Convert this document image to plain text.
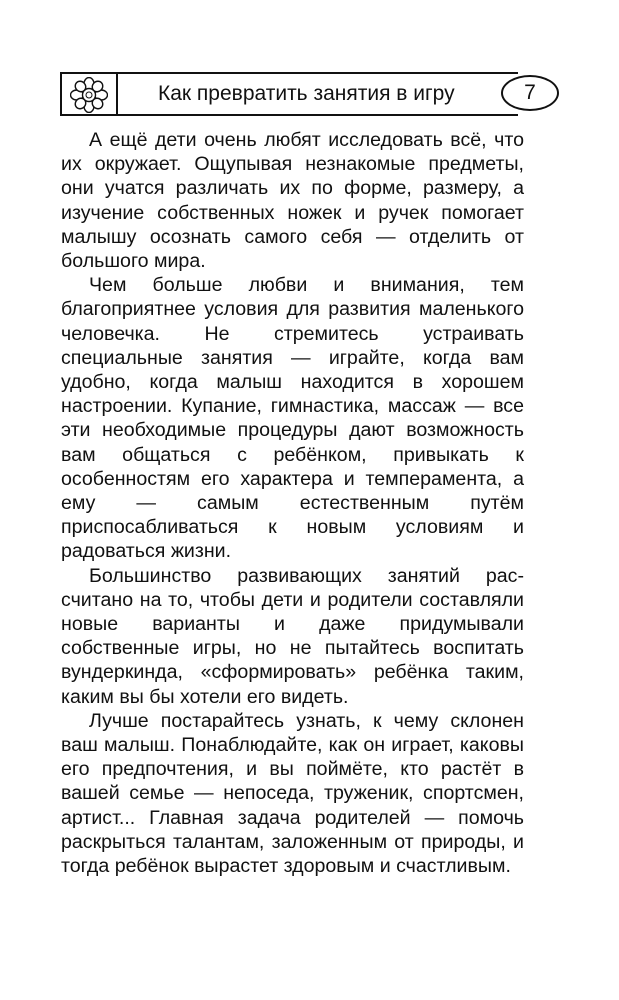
Как превратить занятия в игру	7

А ещё дети очень любят исследовать всё, что их окружает. Ощупывая незнакомые предметы, они учатся различать их по форме, размеру, а изучение собственных ножек и ручек помогает малышу осознать самого себя — отделить от большого мира.

Чем больше любви и внимания, тем благоприятнее условия для развития маленького человечка. Не стремитесь устраивать специальные занятия — играйте, когда вам удобно, когда малыш находится в хорошем настроении. Купание, гимнастика, массаж — все эти необходимые процедуры дают возможность вам общаться с ребёнком, привыкать к особенностям его характера и темперамента, а ему — самым естественным путём приспосабливаться к новым условиям и радоваться жизни.

Большинство развивающих занятий рассчитано на то, чтобы дети и родители составляли новые варианты и даже придумывали собственные игры, но не пытайтесь воспитать вундеркинда, «сформировать» ребёнка таким, каким вы бы хотели его видеть.

Лучше постарайтесь узнать, к чему склонен ваш малыш. Понаблюдайте, как он играет, каковы его предпочтения, и вы поймёте, кто растёт в вашей семье — непоседа, труженик, спортсмен, артист... Главная задача родителей — помочь раскрыться талантам, заложенным от природы, и тогда ребёнок вырастет здоровым и счастливым.
